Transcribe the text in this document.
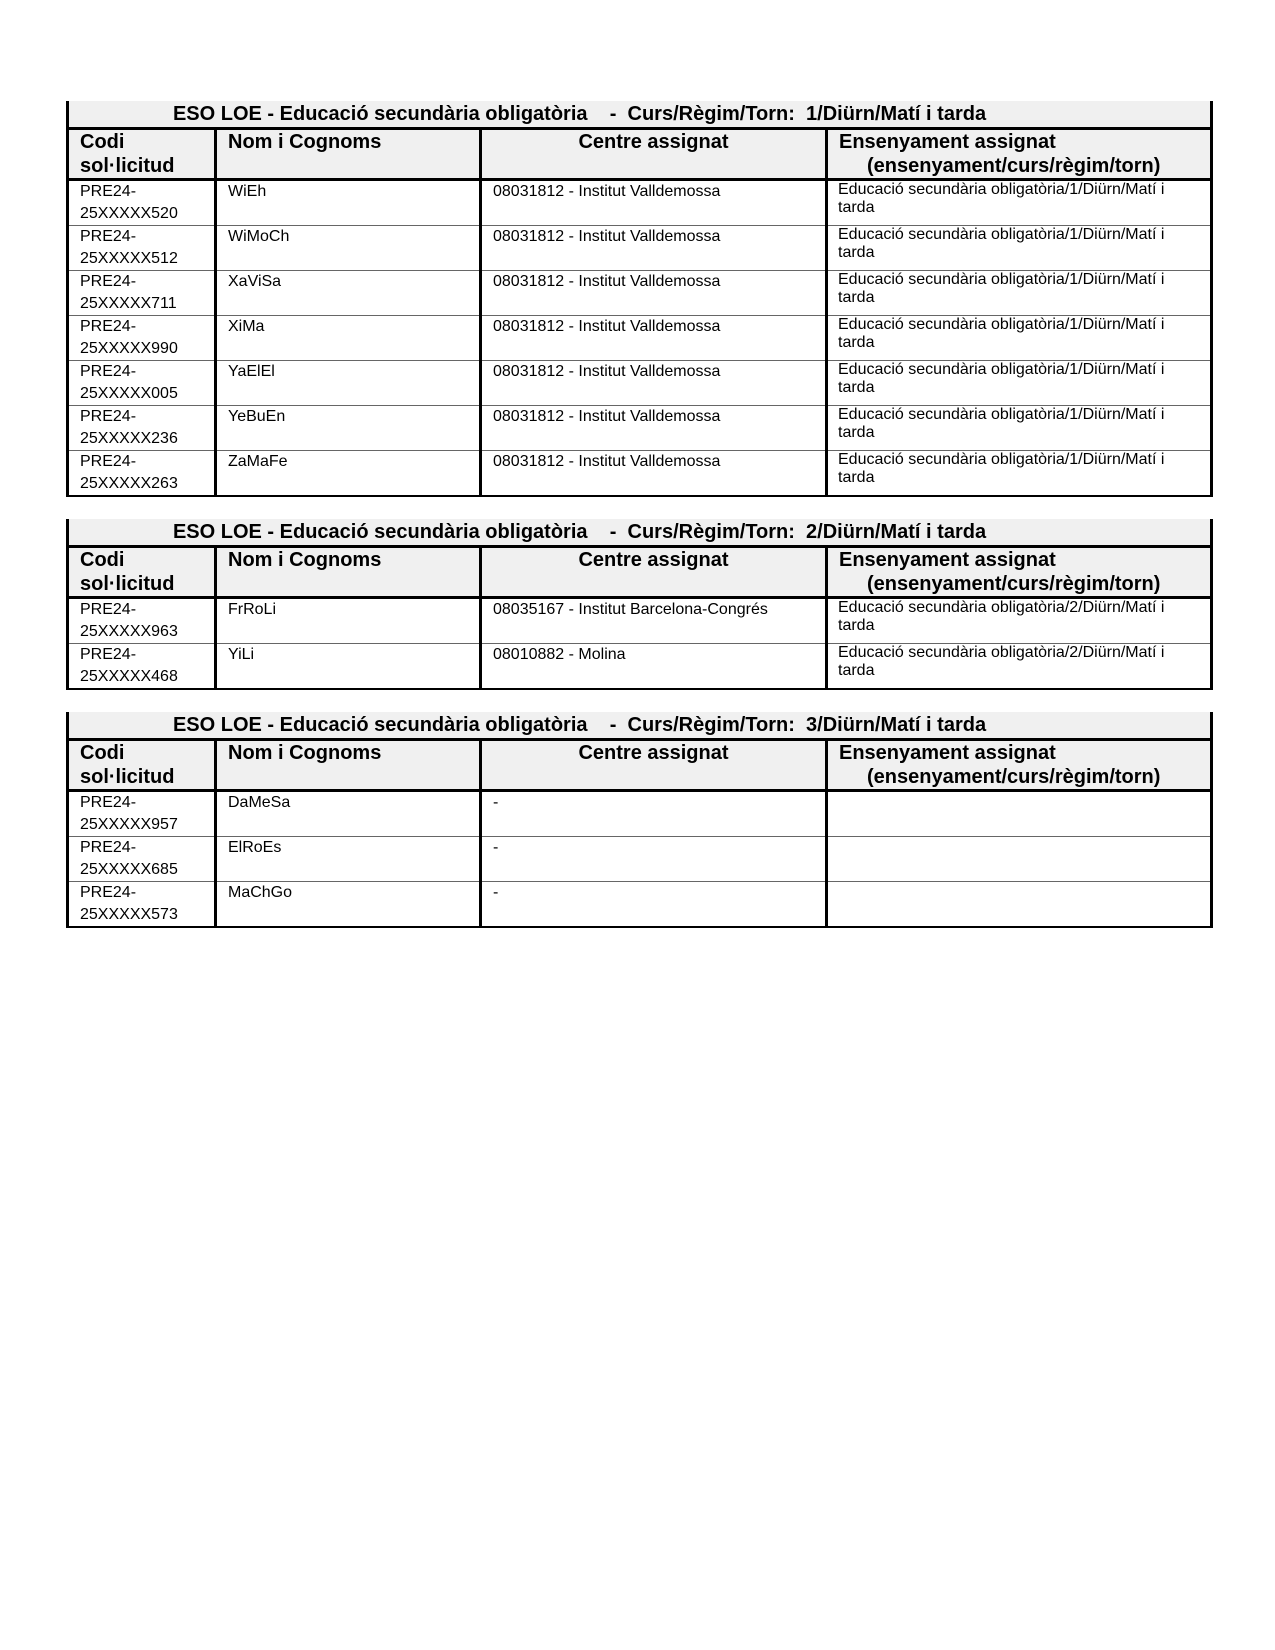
ESO LOE - Educació secundària obligatòria    -  Curs/Règim/Torn:  1/Diürn/Matí i tarda			
Codi
sol·licitud	Nom i Cognoms	Centre assignat	Ensenyament assignat
(ensenyament/curs/règim/torn)

PRE24-
25XXXXX520	WiEh	08031812 - Institut Valldemossa	Educació secundària obligatòria/1/Diürn/Matí i tarda
PRE24-
25XXXXX512	WiMoCh	08031812 - Institut Valldemossa	Educació secundària obligatòria/1/Diürn/Matí i tarda
PRE24-
25XXXXX711	XaViSa	08031812 - Institut Valldemossa	Educació secundària obligatòria/1/Diürn/Matí i tarda
PRE24-
25XXXXX990	XiMa	08031812 - Institut Valldemossa	Educació secundària obligatòria/1/Diürn/Matí i tarda
PRE24-
25XXXXX005	YaElEl	08031812 - Institut Valldemossa	Educació secundària obligatòria/1/Diürn/Matí i tarda
PRE24-
25XXXXX236	YeBuEn	08031812 - Institut Valldemossa	Educació secundària obligatòria/1/Diürn/Matí i tarda
PRE24-
25XXXXX263	ZaMaFe	08031812 - Institut Valldemossa	Educació secundària obligatòria/1/Diürn/Matí i tarda
ESO LOE - Educació secundària obligatòria    -  Curs/Règim/Torn:  2/Diürn/Matí i tarda			
Codi
sol·licitud	Nom i Cognoms	Centre assignat	Ensenyament assignat
(ensenyament/curs/règim/torn)

PRE24-
25XXXXX963	FrRoLi	08035167 - Institut Barcelona-Congrés	Educació secundària obligatòria/2/Diürn/Matí i tarda
PRE24-
25XXXXX468	YiLi	08010882 - Molina	Educació secundària obligatòria/2/Diürn/Matí i tarda
ESO LOE - Educació secundària obligatòria    -  Curs/Règim/Torn:  3/Diürn/Matí i tarda			
Codi
sol·licitud	Nom i Cognoms	Centre assignat	Ensenyament assignat
(ensenyament/curs/règim/torn)

PRE24-
25XXXXX957	DaMeSa	-	
PRE24-
25XXXXX685	ElRoEs	-	
PRE24-
25XXXXX573	MaChGo	-	
